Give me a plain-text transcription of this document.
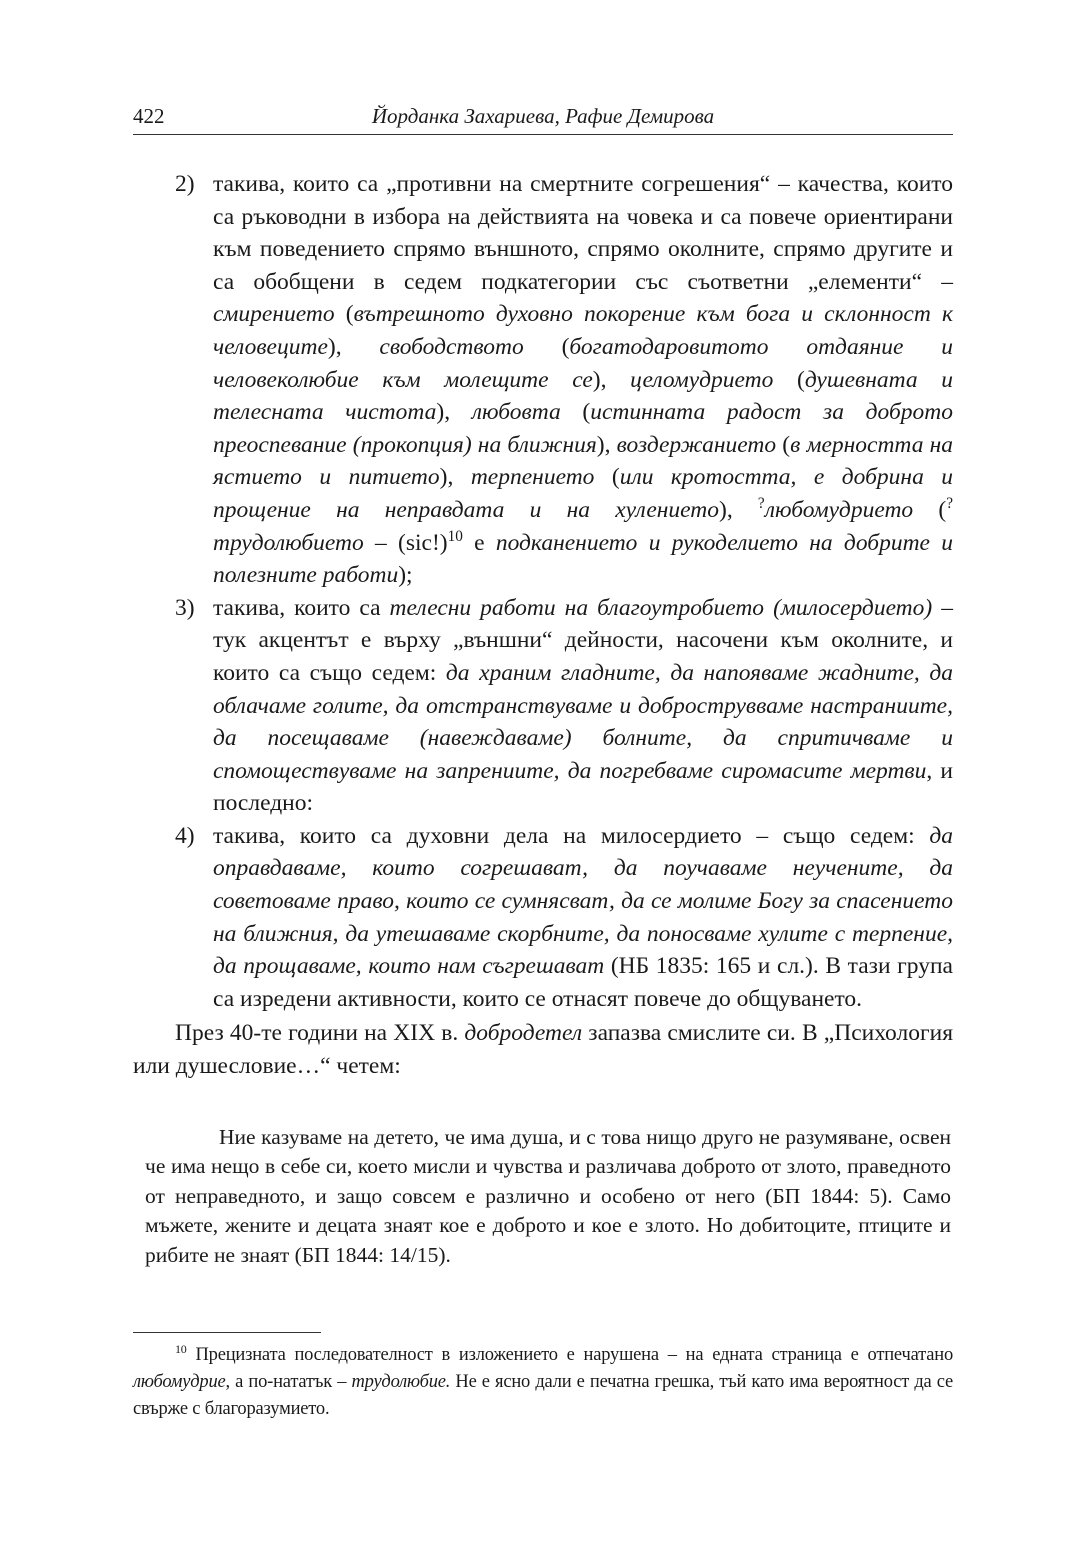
422	Йорданка Захариева, Рафие Демирова
2) такива, които са „противни на смертните согрешения“ – качества, които са ръководни в избора на действията на човека и са повече ориентирани към поведението спрямо външното, спрямо околните, спрямо другите и са обобщени в седем подкатегории със съответни „елементи“ – смирението (вътрешното духовно покорение към бога и склонност к человеците), свободството (богатодаровитото отдаяние и человеколюбие към молещите се), целомудрието (душевната и телесната чистота), любовта (истинната радост за доброто преоспевание (прокопция) на ближния), воздержанието (в мерността на ястието и питието), терпението (или кротостта, е добрина и прощение на неправдата и на хулението), ?любомудрието (?трудолюбието – $(sic!)^{10}$ е подканението и рукоделието на добрите и полезните работи);
3) такива, които са телесни работи на благоутробието (милосердието) – тук акцентът е върху „външни“ дейности, насочени към околните, и които са също седем: да храним гладните, да напояваме жадните, да облачаме голите, да отстранствуваме и доброструвваме настраниите, да посещаваме (навеждаваме) болните, да спритичваме и спомоществуваме на запрениите, да погребваме сиромасите мертви, и последно:
4) такива, които са духовни дела на милосердието – също седем: да оправдаваме, които согрешават, да поучаваме неучените, да советоваме право, които се сумнясват, да се молиме Богу за спасението на ближния, да утешаваме скорбните, да поносваме хулите с терпение, да прощаваме, които нам съгрешават (НБ 1835: 165 и сл.). В тази група са изредени активности, които се отнасят повече до общуването.
През 40-те години на XIX в. добродетел запазва смислите си. В „Психология или душесловие…“ четем:
Ние казуваме на детето, че има душа, и с това нищо друго не разумяване, освен че има нещо в себе си, което мисли и чувства и различава доброто от злото, праведното от неправедното, и защо совсем е различно и особено от него (БП 1844: 5). Само мъжете, жените и децата знаят кое е доброто и кое е злото. Но добитоците, птиците и рибите не знаят (БП 1844: 14/15).
$^{10}$ Прецизната последователност в изложението е нарушена – на едната страница е отпечатано любомудрие, а по-нататък – трудолюбие. Не е ясно дали е печатна грешка, тъй като има вероятност да се свърже с благоразумието.
